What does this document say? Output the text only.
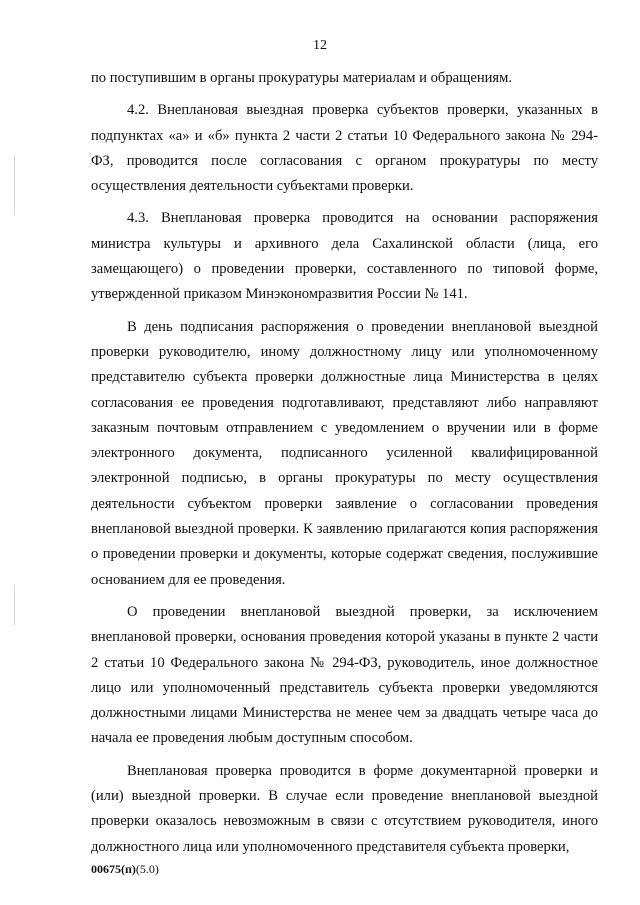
12

по поступившим в органы прокуратуры материалам и обращениям.

4.2. Внеплановая выездная проверка субъектов проверки, указанных в подпунктах «а» и «б» пункта 2 части 2 статьи 10 Федерального закона № 294-ФЗ, проводится после согласования с органом прокуратуры по месту осуществления деятельности субъектами проверки.

4.3. Внеплановая проверка проводится на основании распоряжения министра культуры и архивного дела Сахалинской области (лица, его замещающего) о проведении проверки, составленного по типовой форме, утвержденной приказом Минэкономразвития России № 141.

В день подписания распоряжения о проведении внеплановой выездной проверки руководителю, иному должностному лицу или уполномоченному представителю субъекта проверки должностные лица Министерства в целях согласования ее проведения подготавливают, представляют либо направляют заказным почтовым отправлением с уведомлением о вручении или в форме электронного документа, подписанного усиленной квалифицированной электронной подписью, в органы прокуратуры по месту осуществления деятельности субъектом проверки заявление о согласовании проведения внеплановой выездной проверки. К заявлению прилагаются копия распоряжения о проведении проверки и документы, которые содержат сведения, послужившие основанием для ее проведения.

О проведении внеплановой выездной проверки, за исключением внеплановой проверки, основания проведения которой указаны в пункте 2 части 2 статьи 10 Федерального закона № 294-ФЗ, руководитель, иное должностное лицо или уполномоченный представитель субъекта проверки уведомляются должностными лицами Министерства не менее чем за двадцать четыре часа до начала ее проведения любым доступным способом.

Внеплановая проверка проводится в форме документарной проверки и (или) выездной проверки. В случае если проведение внеплановой выездной проверки оказалось невозможным в связи с отсутствием руководителя, иного должностного лица или уполномоченного представителя субъекта проверки,

00675(п)(5.0)
